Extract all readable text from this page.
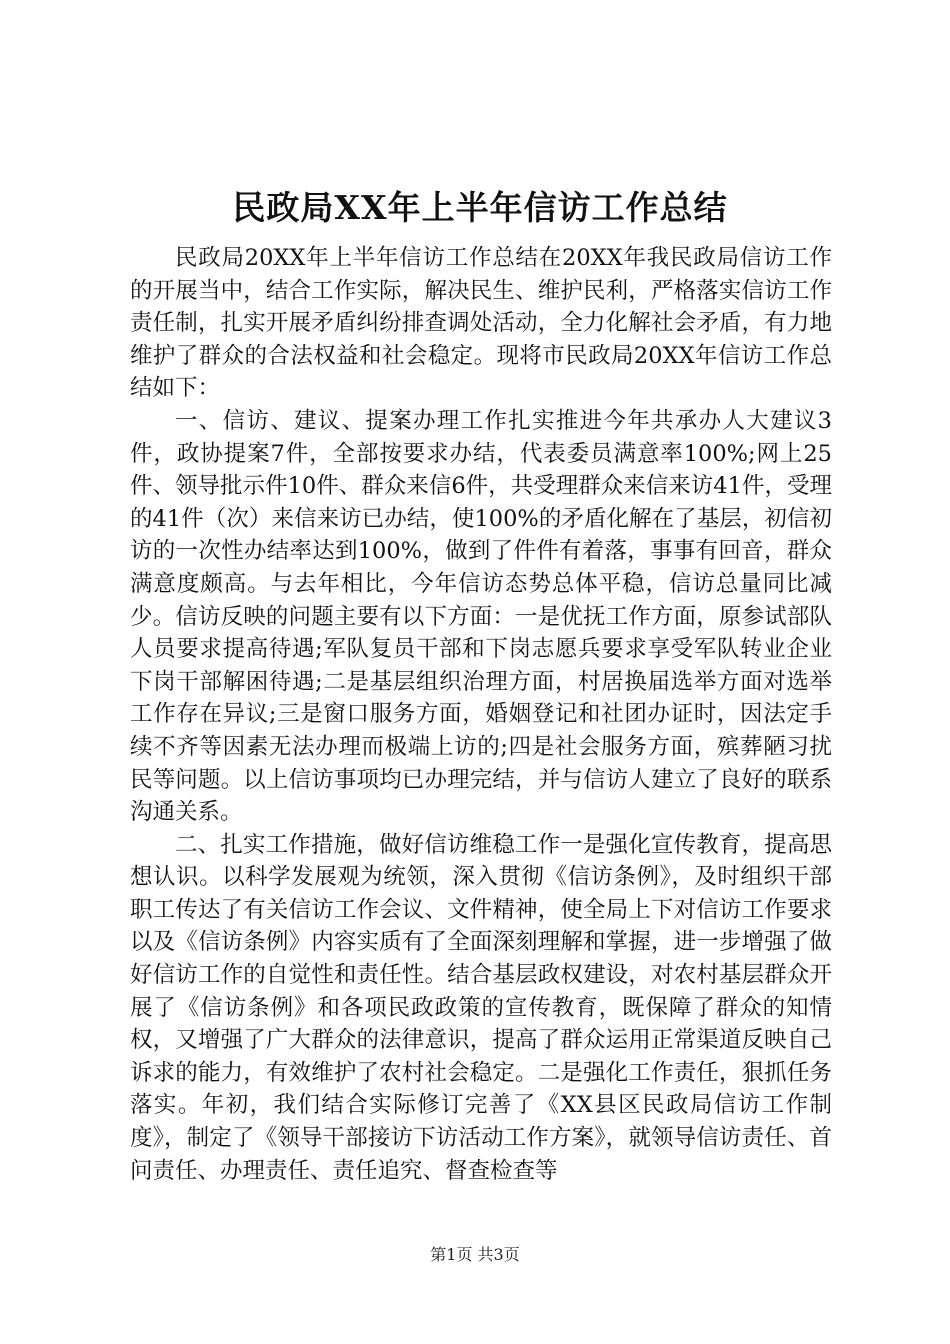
民政局XX年上半年信访工作总结

民政局20XX年上半年信访工作总结在20XX年我民政局信访工作的开展当中，结合工作实际，解决民生、维护民利，严格落实信访工作责任制，扎实开展矛盾纠纷排查调处活动，全力化解社会矛盾，有力地维护了群众的合法权益和社会稳定。现将市民政局20XX年信访工作总结如下：

一、信访、建议、提案办理工作扎实推进今年共承办人大建议3件，政协提案7件，全部按要求办结，代表委员满意率100%;网上25件、领导批示件10件、群众来信6件，共受理群众来信来访41件，受理的41件（次）来信来访已办结，使100%的矛盾化解在了基层，初信初访的一次性办结率达到100%，做到了件件有着落，事事有回音，群众满意度颇高。与去年相比，今年信访态势总体平稳，信访总量同比减少。信访反映的问题主要有以下方面：一是优抚工作方面，原参试部队人员要求提高待遇;军队复员干部和下岗志愿兵要求享受军队转业企业下岗干部解困待遇;二是基层组织治理方面，村居换届选举方面对选举工作存在异议;三是窗口服务方面，婚姻登记和社团办证时，因法定手续不齐等因素无法办理而极端上访的;四是社会服务方面，殡葬陋习扰民等问题。以上信访事项均已办理完结，并与信访人建立了良好的联系沟通关系。

二、扎实工作措施，做好信访维稳工作一是强化宣传教育，提高思想认识。以科学发展观为统领，深入贯彻《信访条例》，及时组织干部职工传达了有关信访工作会议、文件精神，使全局上下对信访工作要求以及《信访条例》内容实质有了全面深刻理解和掌握，进一步增强了做好信访工作的自觉性和责任性。结合基层政权建设，对农村基层群众开展了《信访条例》和各项民政政策的宣传教育，既保障了群众的知情权，又增强了广大群众的法律意识，提高了群众运用正常渠道反映自己诉求的能力，有效维护了农村社会稳定。二是强化工作责任，狠抓任务落实。年初，我们结合实际修订完善了《XX县区民政局信访工作制度》，制定了《领导干部接访下访活动工作方案》，就领导信访责任、首问责任、办理责任、责任追究、督查检查等

第1页 共3页
